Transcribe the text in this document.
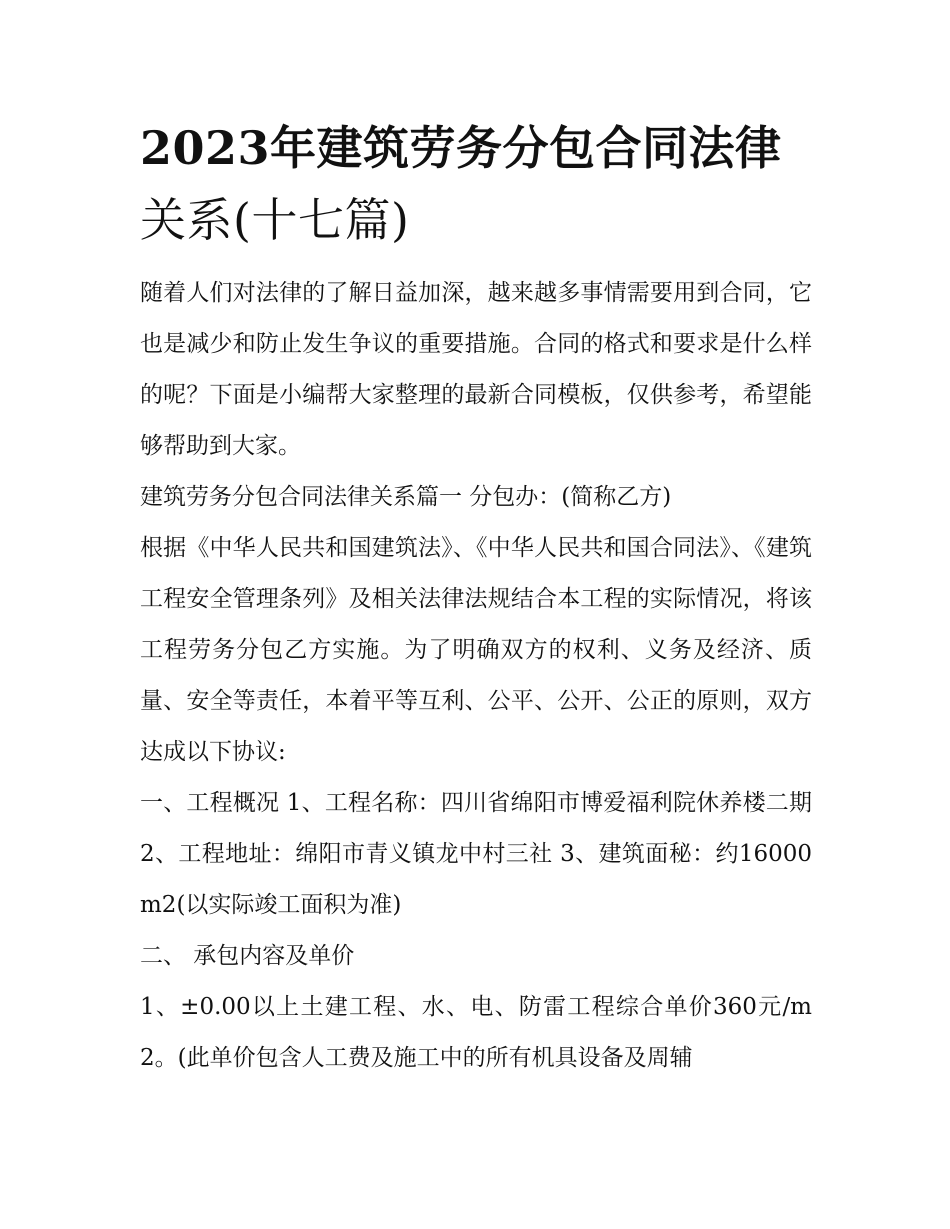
2023年建筑劳务分包合同法律
关系(十七篇)

随着人们对法律的了解日益加深，越来越多事情需要用到合同，它也是减少和防止发生争议的重要措施。合同的格式和要求是什么样的呢？下面是小编帮大家整理的最新合同模板，仅供参考，希望能够帮助到大家。

建筑劳务分包合同法律关系篇一 分包办：(简称乙方)

根据《中华人民共和国建筑法》、《中华人民共和国合同法》、《建筑工程安全管理条列》及相关法律法规结合本工程的实际情况，将该工程劳务分包乙方实施。为了明确双方的权利、义务及经济、质量、安全等责任，本着平等互利、公平、公开、公正的原则，双方达成以下协议:

一、工程概况 1、工程名称：四川省绵阳市博爱福利院休养楼二期 2、工程地址：绵阳市青义镇龙中村三社 3、建筑面秘：约16000m2(以实际竣工面积为准)

二、 承包内容及单价

1、±0.00以上土建工程、水、电、防雷工程综合单价360元/m2。(此单价包含人工费及施工中的所有机具设备及周辅
